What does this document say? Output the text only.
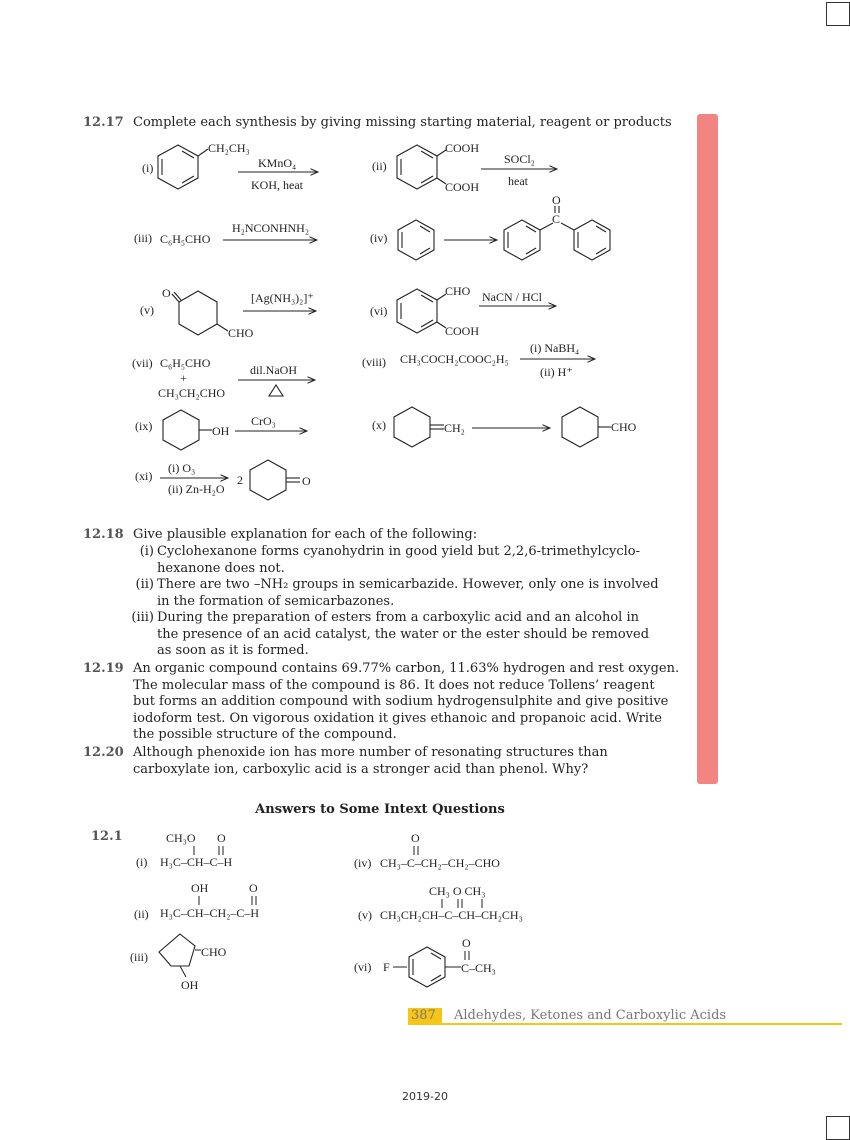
12.17 Complete each synthesis by giving missing starting material, reagent or products
(i)
CH₂CH₃
KMnO₄
KOH, heat
(ii)
COOH
COOH
SOCl₂
heat
(iii) C₆H₅CHO
H₂NCONHNH₂
(iv)
O
C
(v)
O
CHO
[Ag(NH₃)₂]⁺
(vi)
CHO
COOH
NaCN / HCl
(vii) C₆H₅CHO
+
CH₃CH₂CHO
dil.NaOH
(viii) CH₃COCH₂COOC₂H₅
(i) NaBH₄
(ii) H⁺
(ix)	OH
CrO₃	(x)	CH₂	CHO
(xi)
(i) O₃
(ii) Zn-H₂O
2	O
12.18 Give plausible explanation for each of the following:
(i) Cyclohexanone forms cyanohydrin in good yield but 2,2,6-trimethylcyclo-
hexanone does not.
(ii) There are two –NH₂ groups in semicarbazide. However, only one is involved
in the formation of semicarbazones.
(iii) During the preparation of esters from a carboxylic acid and an alcohol in
the presence of an acid catalyst, the water or the ester should be removed
as soon as it is formed.
12.19 An organic compound contains 69.77% carbon, 11.63% hydrogen and rest oxygen.
The molecular mass of the compound is 86. It does not reduce Tollens’ reagent
but forms an addition compound with sodium hydrogensulphite and give positive
iodoform test. On vigorous oxidation it gives ethanoic and propanoic acid. Write
the possible structure of the compound.
12.20 Although phenoxide ion has more number of resonating structures than
carboxylate ion, carboxylic acid is a stronger acid than phenol. Why?
Answers to Some Intext Questions
12.1
(i)
CH₃O O
H₃C–CH–C–H
(ii)
OH	O
H₃C–CH–CH₂–C–H
(iii)	CHO
OH
(iv)
O
CH₃–C–CH₂–CH₂–CHO
(v)
CH₃ O CH₃
CH₃CH₂CH–C–CH–CH₂CH₃
(vi) F
O
C–CH₃
387	Aldehydes, Ketones and Carboxylic Acids
2019-20
